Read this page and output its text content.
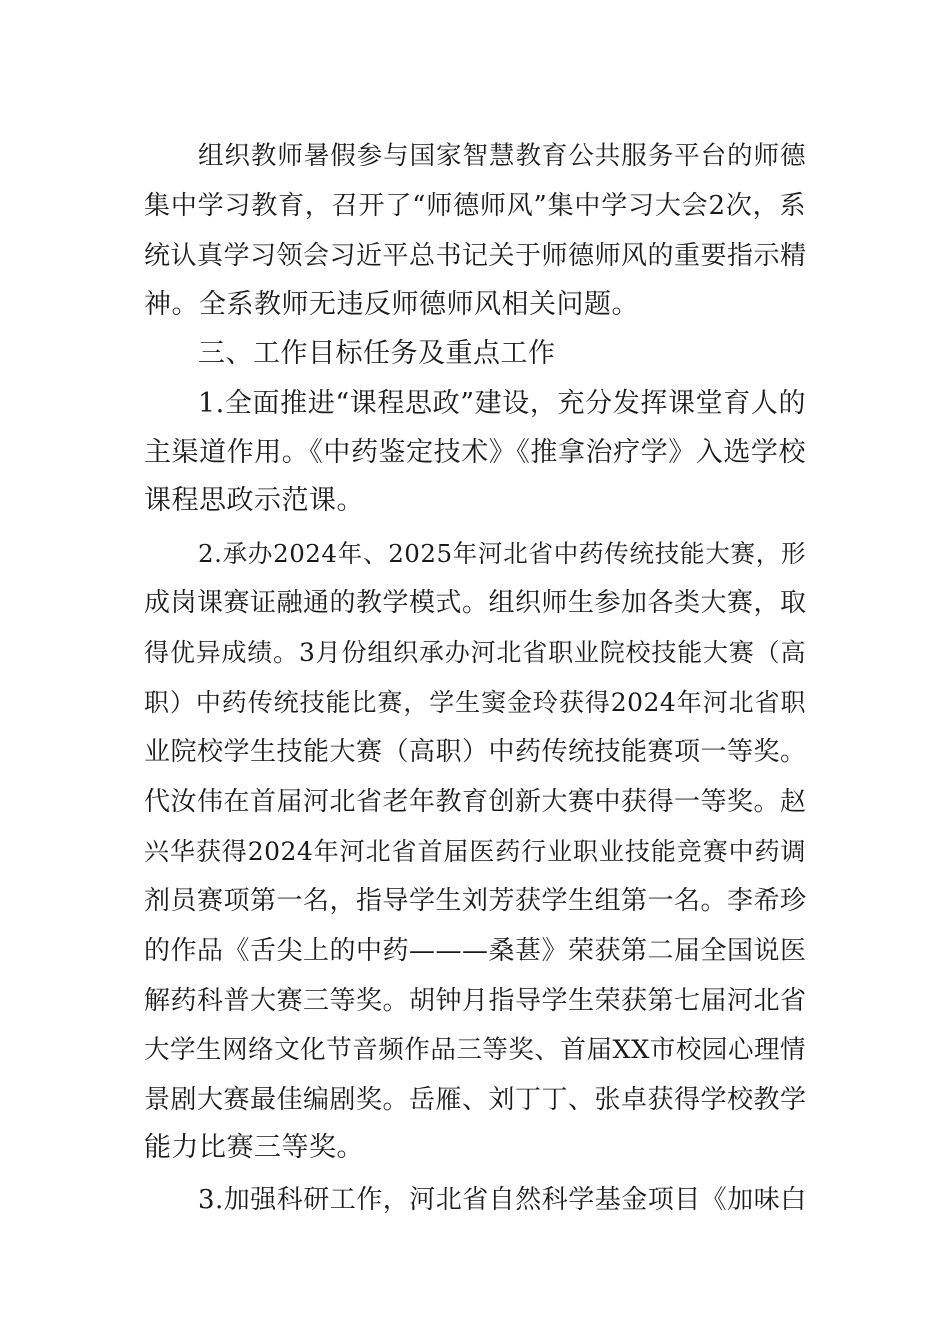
组织教师暑假参与国家智慧教育公共服务平台的师德
集中学习教育，召开了“师德师风”集中学习大会2次，系
统认真学习领会习近平总书记关于师德师风的重要指示精
神。全系教师无违反师德师风相关问题。
三、工作目标任务及重点工作
1.全面推进“课程思政”建设，充分发挥课堂育人的
主渠道作用。《中药鉴定技术》《推拿治疗学》入选学校
课程思政示范课。
2.承办2024年、2025年河北省中药传统技能大赛，形
成岗课赛证融通的教学模式。组织师生参加各类大赛，取
得优异成绩。3月份组织承办河北省职业院校技能大赛（高
职）中药传统技能比赛，学生窦金玲获得2024年河北省职
业院校学生技能大赛（高职）中药传统技能赛项一等奖。
代汝伟在首届河北省老年教育创新大赛中获得一等奖。赵
兴华获得2024年河北省首届医药行业职业技能竞赛中药调
剂员赛项第一名，指导学生刘芳获学生组第一名。李希珍
的作品《舌尖上的中药———桑葚》荣获第二届全国说医
解药科普大赛三等奖。胡钟月指导学生荣获第七届河北省
大学生网络文化节音频作品三等奖、首届XX市校园心理情
景剧大赛最佳编剧奖。岳雁、刘丁丁、张卓获得学校教学
能力比赛三等奖。
3.加强科研工作，河北省自然科学基金项目《加味白
